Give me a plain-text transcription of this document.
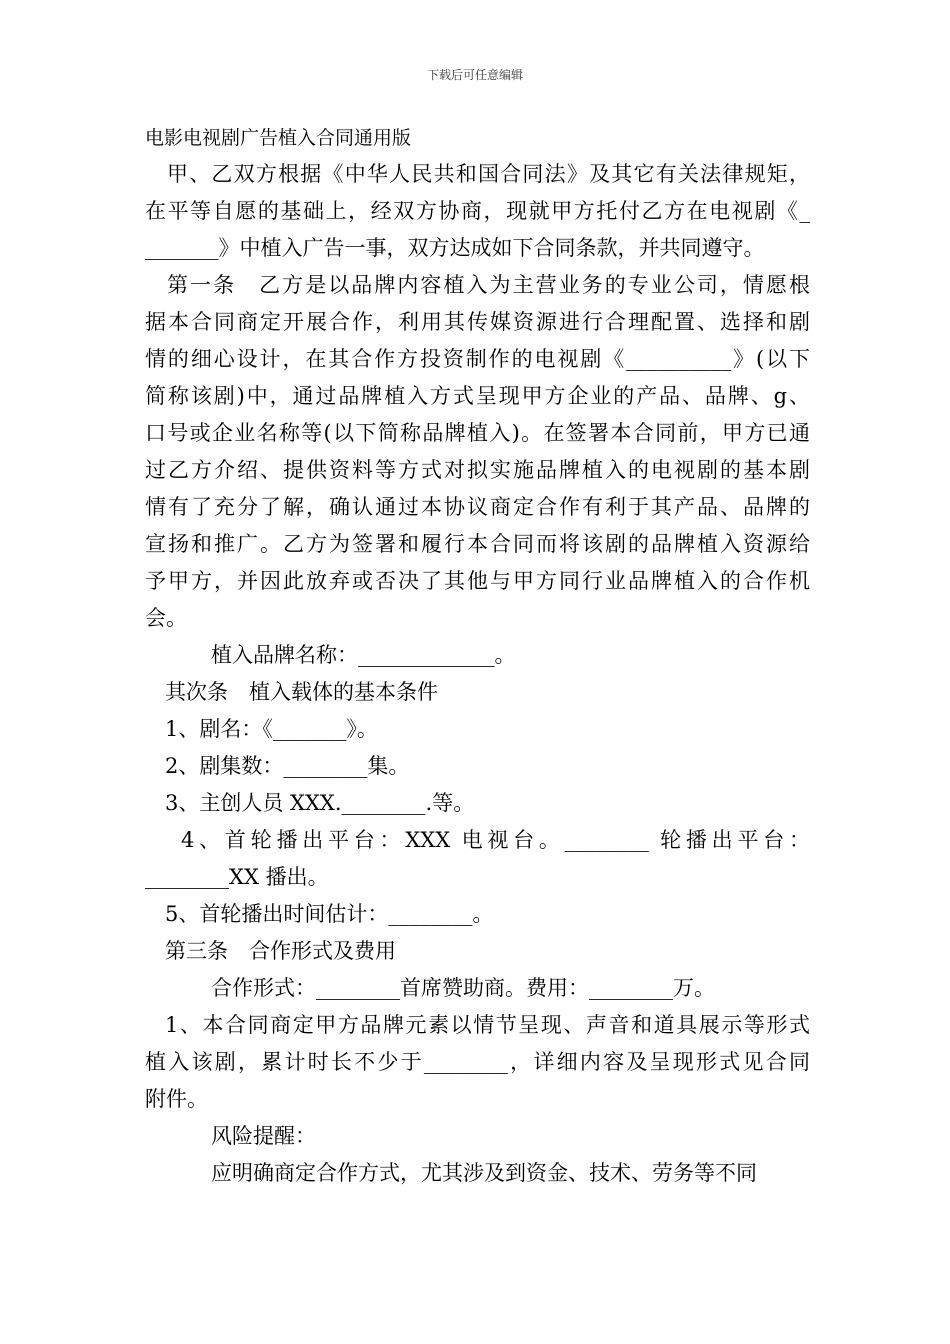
下载后可任意编辑
电影电视剧广告植入合同通用版
甲、乙双方根据《中华人民共和国合同法》及其它有关法律规矩，
在平等自愿的基础上，经双方协商，现就甲方托付乙方在电视剧《_
_______》中植入广告一事，双方达成如下合同条款，并共同遵守。
第一条　乙方是以品牌内容植入为主营业务的专业公司，情愿根
据本合同商定开展合作，利用其传媒资源进行合理配置、选择和剧
情的细心设计，在其合作方投资制作的电视剧《__________》(以下
简称该剧)中，通过品牌植入方式呈现甲方企业的产品、品牌、g、
口号或企业名称等(以下简称品牌植入)。在签署本合同前，甲方已通
过乙方介绍、提供资料等方式对拟实施品牌植入的电视剧的基本剧
情有了充分了解，确认通过本协议商定合作有利于其产品、品牌的
宣扬和推广。乙方为签署和履行本合同而将该剧的品牌植入资源给
予甲方，并因此放弃或否决了其他与甲方同行业品牌植入的合作机
会。
植入品牌名称：_____________。
其次条　植入载体的基本条件
1、剧名：《_______》。
2、剧集数：________集。
3、主创人员 XXX.________.等。
4、首轮播出平台：XXX 电视台。________ 轮播出平台：
________XX 播出。
5、首轮播出时间估计：________。
第三条　合作形式及费用
合作形式：________首席赞助商。费用：________万。
1、本合同商定甲方品牌元素以情节呈现、声音和道具展示等形式
植入该剧，累计时长不少于________，详细内容及呈现形式见合同
附件。
风险提醒：
应明确商定合作方式，尤其涉及到资金、技术、劳务等不同
